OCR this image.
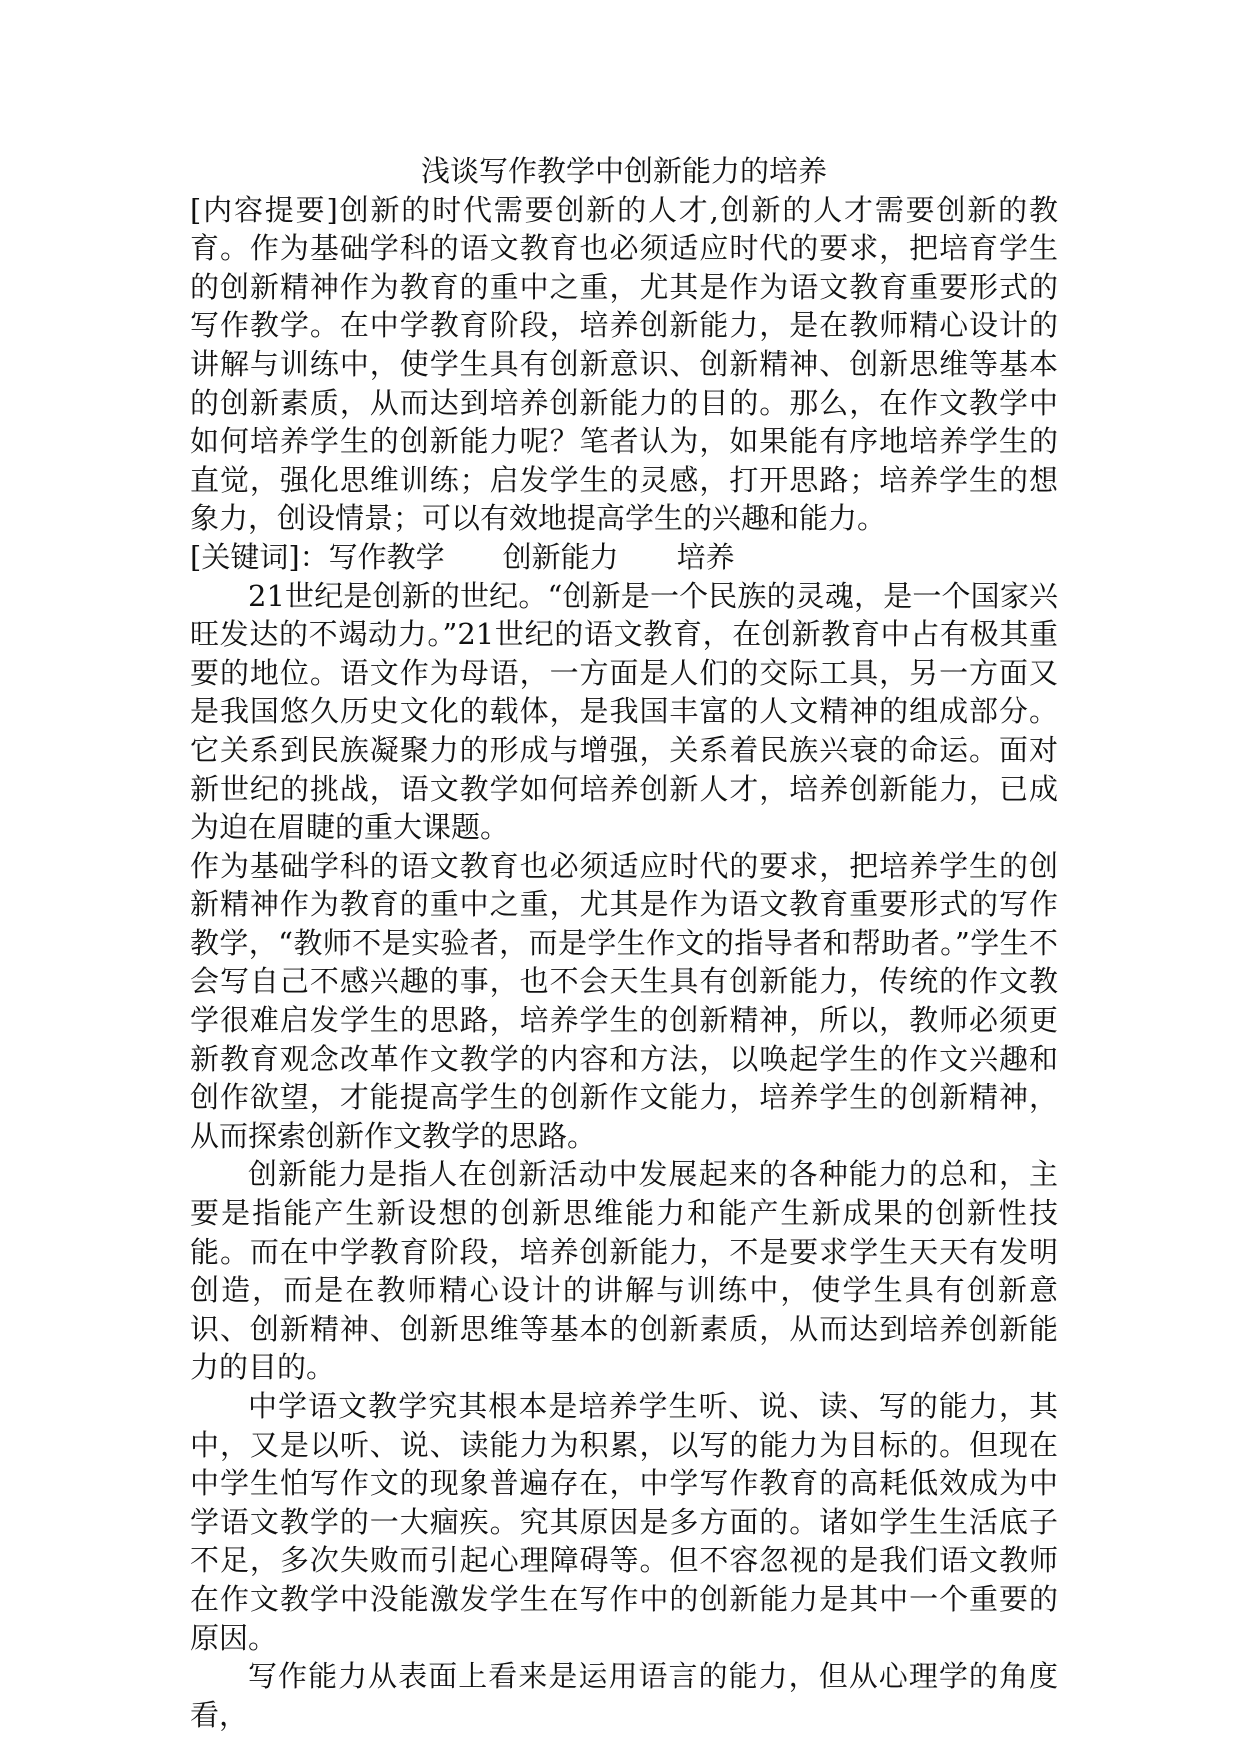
浅谈写作教学中创新能力的培养

[内容提要]创新的时代需要创新的人才,创新的人才需要创新的教育。作为基础学科的语文教育也必须适应时代的要求，把培育学生的创新精神作为教育的重中之重，尤其是作为语文教育重要形式的写作教学。在中学教育阶段，培养创新能力，是在教师精心设计的讲解与训练中，使学生具有创新意识、创新精神、创新思维等基本的创新素质，从而达到培养创新能力的目的。那么，在作文教学中如何培养学生的创新能力呢？笔者认为，如果能有序地培养学生的直觉，强化思维训练；启发学生的灵感，打开思路；培养学生的想象力，创设情景；可以有效地提高学生的兴趣和能力。

[关键词]：写作教学 创新能力 培养

21世纪是创新的世纪。“创新是一个民族的灵魂，是一个国家兴旺发达的不竭动力。”21世纪的语文教育，在创新教育中占有极其重要的地位。语文作为母语，一方面是人们的交际工具，另一方面又是我国悠久历史文化的载体，是我国丰富的人文精神的组成部分。它关系到民族凝聚力的形成与增强，关系着民族兴衰的命运。面对新世纪的挑战，语文教学如何培养创新人才，培养创新能力，已成为迫在眉睫的重大课题。

作为基础学科的语文教育也必须适应时代的要求，把培养学生的创新精神作为教育的重中之重，尤其是作为语文教育重要形式的写作教学，“教师不是实验者，而是学生作文的指导者和帮助者。”学生不会写自己不感兴趣的事，也不会天生具有创新能力，传统的作文教学很难启发学生的思路，培养学生的创新精神，所以，教师必须更新教育观念改革作文教学的内容和方法，以唤起学生的作文兴趣和创作欲望，才能提高学生的创新作文能力，培养学生的创新精神，从而探索创新作文教学的思路。

创新能力是指人在创新活动中发展起来的各种能力的总和，主要是指能产生新设想的创新思维能力和能产生新成果的创新性技能。而在中学教育阶段，培养创新能力，不是要求学生天天有发明创造，而是在教师精心设计的讲解与训练中，使学生具有创新意识、创新精神、创新思维等基本的创新素质，从而达到培养创新能力的目的。

中学语文教学究其根本是培养学生听、说、读、写的能力，其中，又是以听、说、读能力为积累，以写的能力为目标的。但现在中学生怕写作文的现象普遍存在，中学写作教育的高耗低效成为中学语文教学的一大痼疾。究其原因是多方面的。诸如学生生活底子不足，多次失败而引起心理障碍等。但不容忽视的是我们语文教师在作文教学中没能激发学生在写作中的创新能力是其中一个重要的原因。

写作能力从表面上看来是运用语言的能力，但从心理学的角度看，
